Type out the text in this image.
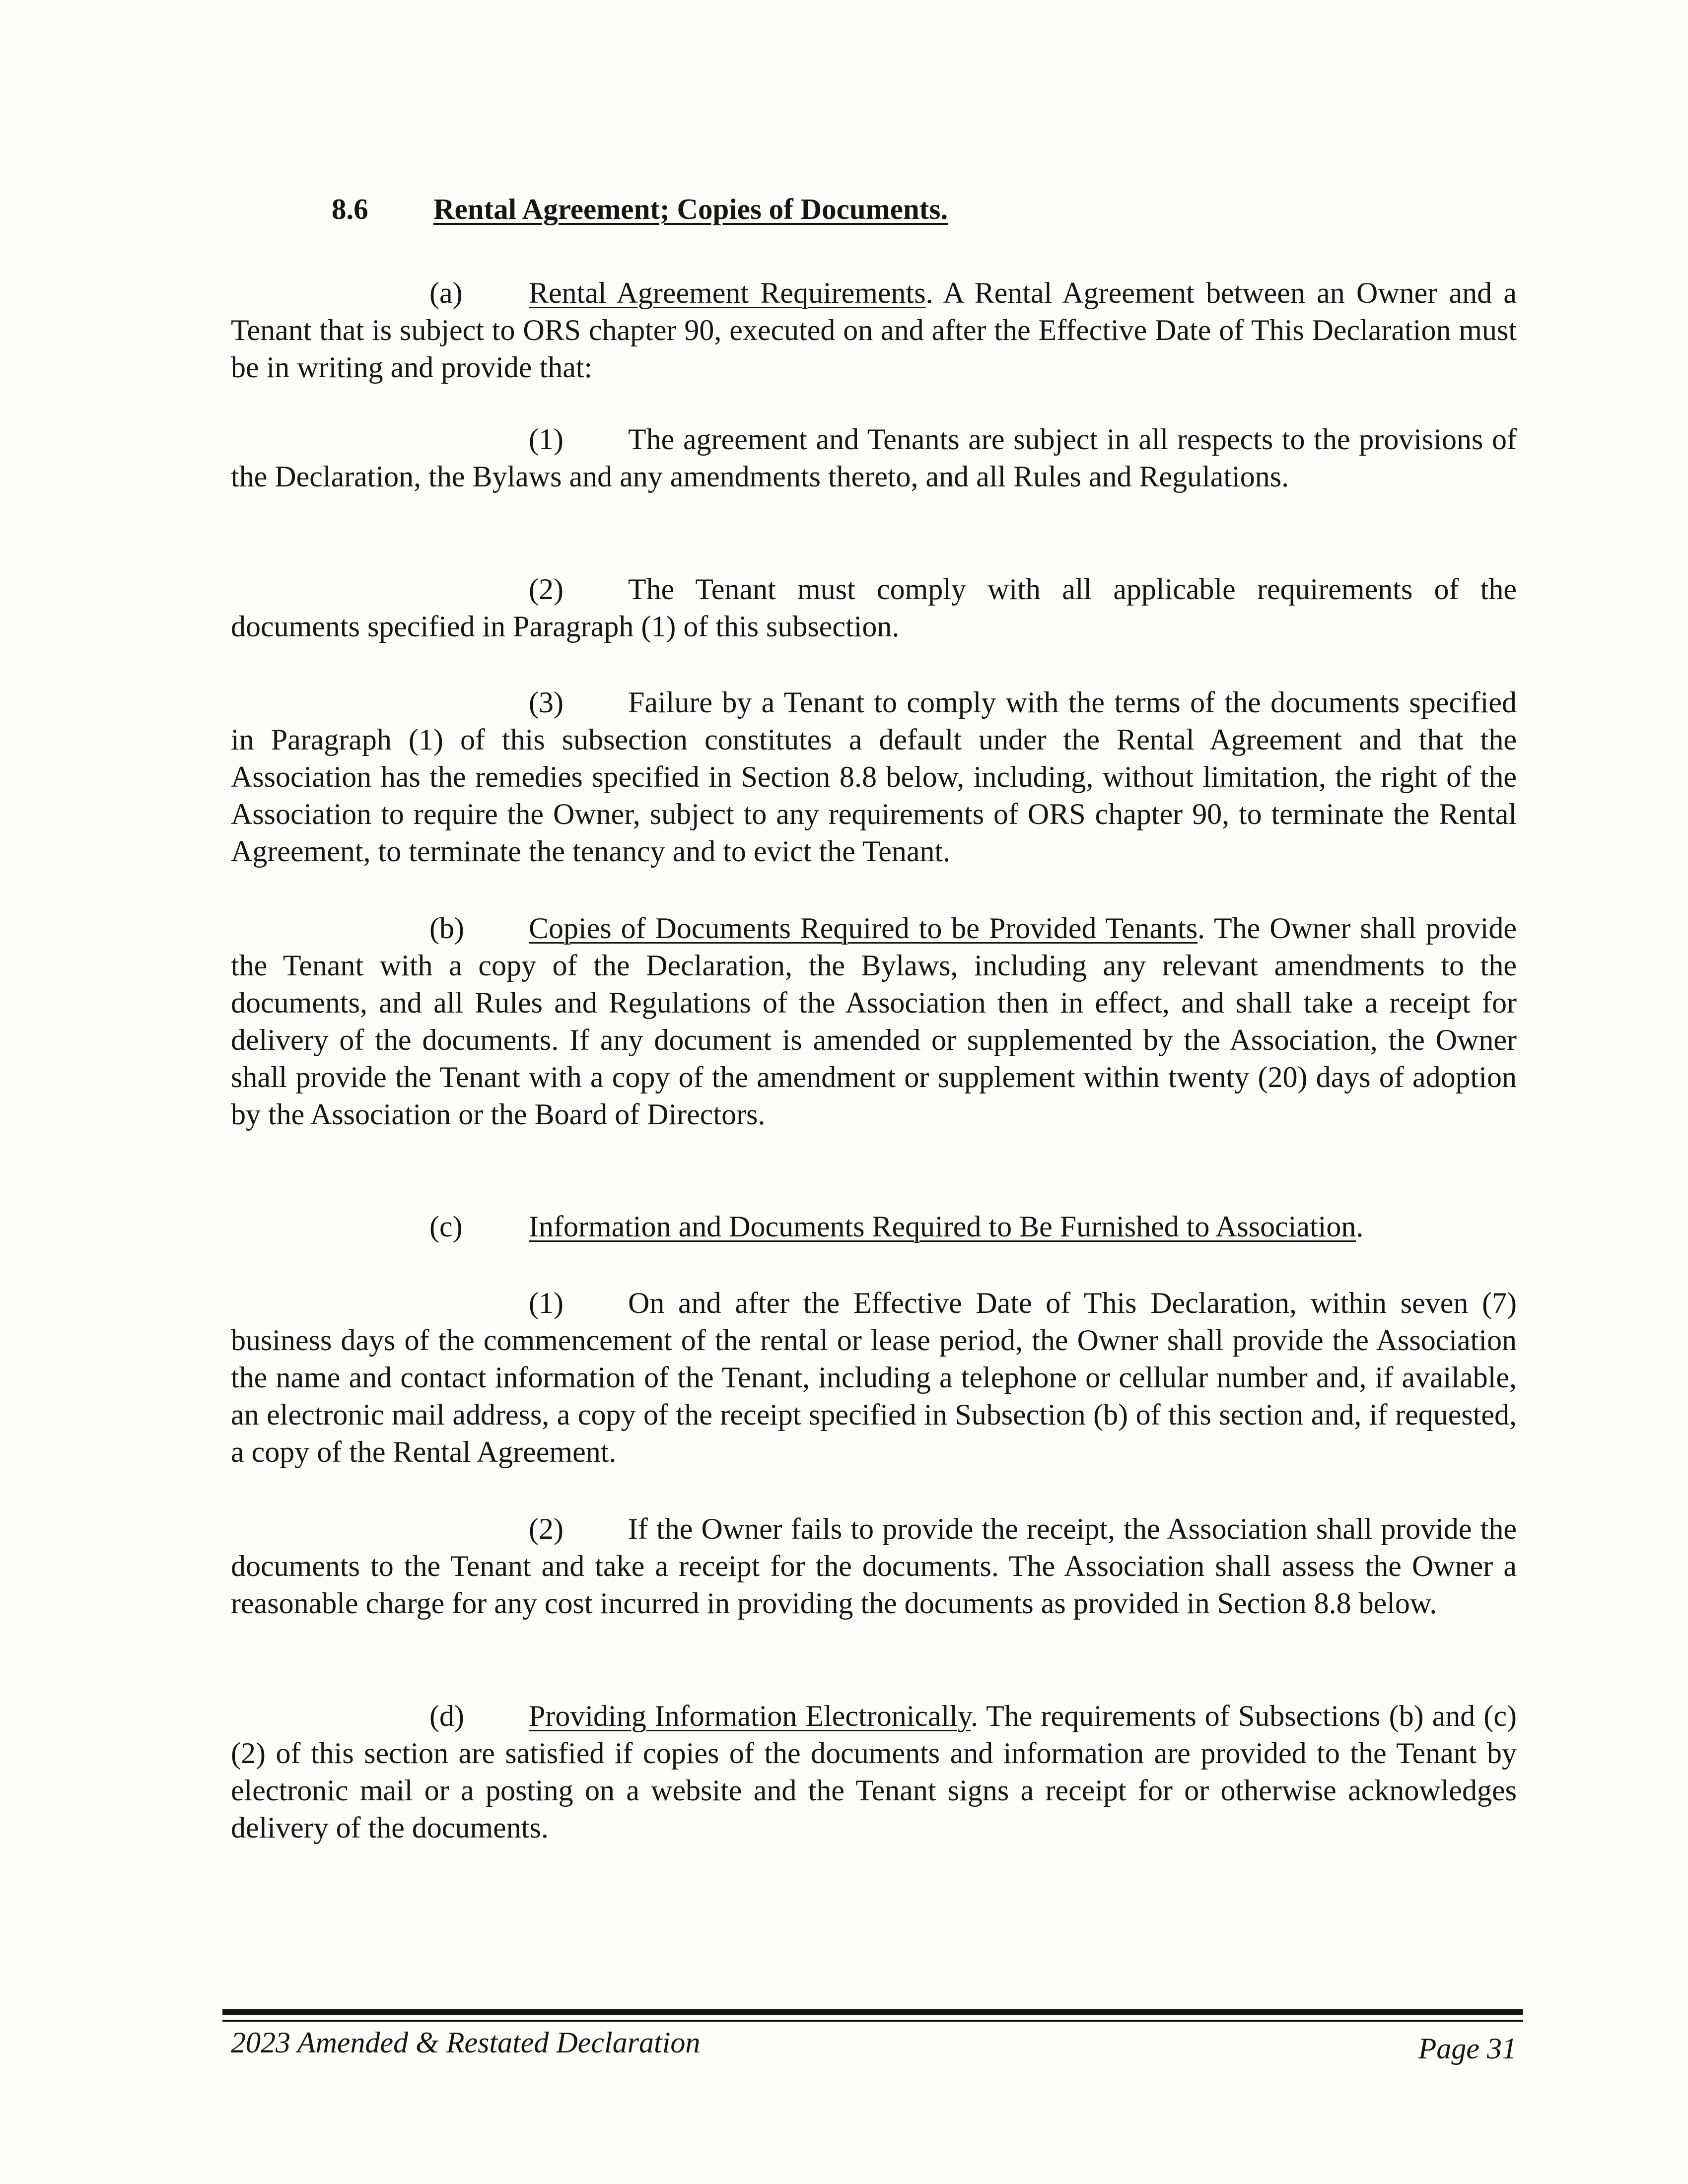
8.6 Rental Agreement; Copies of Documents.
(a) Rental Agreement Requirements. A Rental Agreement between an Owner and a Tenant that is subject to ORS chapter 90, executed on and after the Effective Date of This Declaration must be in writing and provide that:
(1) The agreement and Tenants are subject in all respects to the provisions of the Declaration, the Bylaws and any amendments thereto, and all Rules and Regulations.
(2) The Tenant must comply with all applicable requirements of the documents specified in Paragraph (1) of this subsection.
(3) Failure by a Tenant to comply with the terms of the documents specified in Paragraph (1) of this subsection constitutes a default under the Rental Agreement and that the Association has the remedies specified in Section 8.8 below, including, without limitation, the right of the Association to require the Owner, subject to any requirements of ORS chapter 90, to terminate the Rental Agreement, to terminate the tenancy and to evict the Tenant.
(b) Copies of Documents Required to be Provided Tenants. The Owner shall provide the Tenant with a copy of the Declaration, the Bylaws, including any relevant amendments to the documents, and all Rules and Regulations of the Association then in effect, and shall take a receipt for delivery of the documents. If any document is amended or supplemented by the Association, the Owner shall provide the Tenant with a copy of the amendment or supplement within twenty (20) days of adoption by the Association or the Board of Directors.
(c) Information and Documents Required to Be Furnished to Association.
(1) On and after the Effective Date of This Declaration, within seven (7) business days of the commencement of the rental or lease period, the Owner shall provide the Association the name and contact information of the Tenant, including a telephone or cellular number and, if available, an electronic mail address, a copy of the receipt specified in Subsection (b) of this section and, if requested, a copy of the Rental Agreement.
(2) If the Owner fails to provide the receipt, the Association shall provide the documents to the Tenant and take a receipt for the documents. The Association shall assess the Owner a reasonable charge for any cost incurred in providing the documents as provided in Section 8.8 below.
(d) Providing Information Electronically. The requirements of Subsections (b) and (c)(2) of this section are satisfied if copies of the documents and information are provided to the Tenant by electronic mail or a posting on a website and the Tenant signs a receipt for or otherwise acknowledges delivery of the documents.
2023 Amended & Restated Declaration	Page 31
